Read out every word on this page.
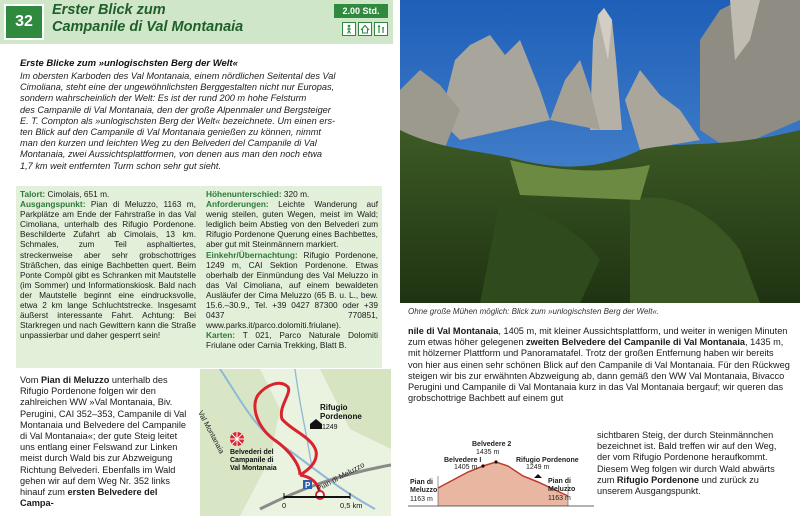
32
Erster Blick zum
Campanile di Val Montanaia
2.00 Std.
Erste Blicke zum »unlogischsten Berg der Welt«
Im obersten Karboden des Val Montanaia, einem nördlichen Seitental des Val
Cimoliana, steht eine der ungewöhnlichsten Berggestalten nicht nur Europas,
sondern wahrscheinlich der Welt: Es ist der rund 200 m hohe Felsturm
des Campanile di Val Montanaia, den der große Alpenmaler und Bergsteiger
E. T. Compton als »unlogischsten Berg der Welt« bezeichnete. Um einen ers-
ten Blick auf den Campanile di Val Montanaia genießen zu können, nimmt
man den kurzen und leichten Weg zu den Belvederi del Campanile di Val
Montanaia, zwei Aussichtsplattformen, von denen aus man den noch etwa
1,7 km weit entfernten Turm schon sehr gut sieht.
Talort: Cimolais, 651 m.
Ausgangspunkt: Pian di Meluzzo, 1163 m, Parkplätze am Ende der Fahrstraße in das Val Cimoliana, unterhalb des Rifugio Pordenone. Beschilderte Zufahrt ab Cimolais, 13 km. Schmales, zum Teil asphaltiertes, streckenweise aber sehr grobschottriges Sträßchen, das einige Bachbetten quert. Beim Ponte Compòl gibt es Schranken mit Mautstelle (im Sommer) und Informationskiosk. Bald nach der Mautstelle beginnt eine eindrucksvolle, etwa 2 km lange Schluchtstrecke. Insgesamt äußerst interessante Fahrt. Achtung: Bei Starkregen und nach Gewittern kann die Straße unpassierbar und daher gesperrt sein!
Höhenunterschied: 320 m.
Anforderungen: Leichte Wanderung auf wenig steilen, guten Wegen, meist im Wald; lediglich beim Abstieg von den Belvederi zum Rifugio Pordenone Querung eines Bachbettes, aber gut mit Steinmännern markiert.
Einkehr/Übernachtung: Rifugio Pordenone, 1249 m, CAI Sektion Pordenone. Etwas oberhalb der Einmündung des Val Meluzzo in das Val Cimoliana, auf einem bewaldeten Ausläufer der Cima Meluzzo (65 B. u. L., bew. 15.6.–30.9., Tel. +39 0427 87300 oder +39 0437 770851, www.parks.it/parco.dolomiti.friulane).
Karten: T 021, Parco Naturale Dolomiti Friulane oder Carnia Trekking, Blatt B.
Vom Pian di Meluzzo unterhalb des Rifugio Pordenone folgen wir den zahlreichen WW »Val Montanaia, Biv. Perugini, CAI 352–353, Campanile di Val Montanaia und Belvedere del Campanile di Val Montanaia«; der gute Steig leitet uns entlang einer Felswand zur Linken meist durch Wald bis zur Abzweigung Richtung Belvederi. Ebenfalls im Wald gehen wir auf dem Weg Nr. 352 links hinauf zum ersten Belvedere del Campa-
P
Val Montanaia
Rifugio Pordenone
1249
Belvederi del Campanile di Val Montanaia	Pian di Meluzzo
0	0,5 km
Ohne große Mühen möglich: Blick zum »unlogischsten Berg der Welt«.
nile di Val Montanaia, 1405 m, mit kleiner Aussichtsplattform, und weiter in wenigen Minuten zum etwas höher gelegenen zweiten Belvedere del Campanile di Val Montanaia, 1435 m, mit hölzerner Plattform und Panoramatafel. Trotz der großen Entfernung haben wir bereits von hier aus einen sehr schönen Blick auf den Campanile di Val Montanaia. Für den Rückweg steigen wir bis zur erwähnten Abzweigung ab, dann gemäß den WW Val Montanaia, Bivacco Perugini und Campanile di Val Montanaia kurz in das Val Montanaia bergauf; wir queren das grobschottrige Bachbett auf einem gut
sichtbaren Steig, der durch Steinmännchen bezeichnet ist. Bald treffen wir auf den Weg, der vom Rifugio Pordenone heraufkommt. Diesem Weg folgen wir durch Wald abwärts zum Rifugio Pordenone und zurück zu unserem Ausgangspunkt.
Belvedere 2
1435 m
Belvedere I
1405 m
Rifugio Pordenone
1249 m
Pian di
Meluzzo
1163 m
Pian di
Meluzzo
1163 m
